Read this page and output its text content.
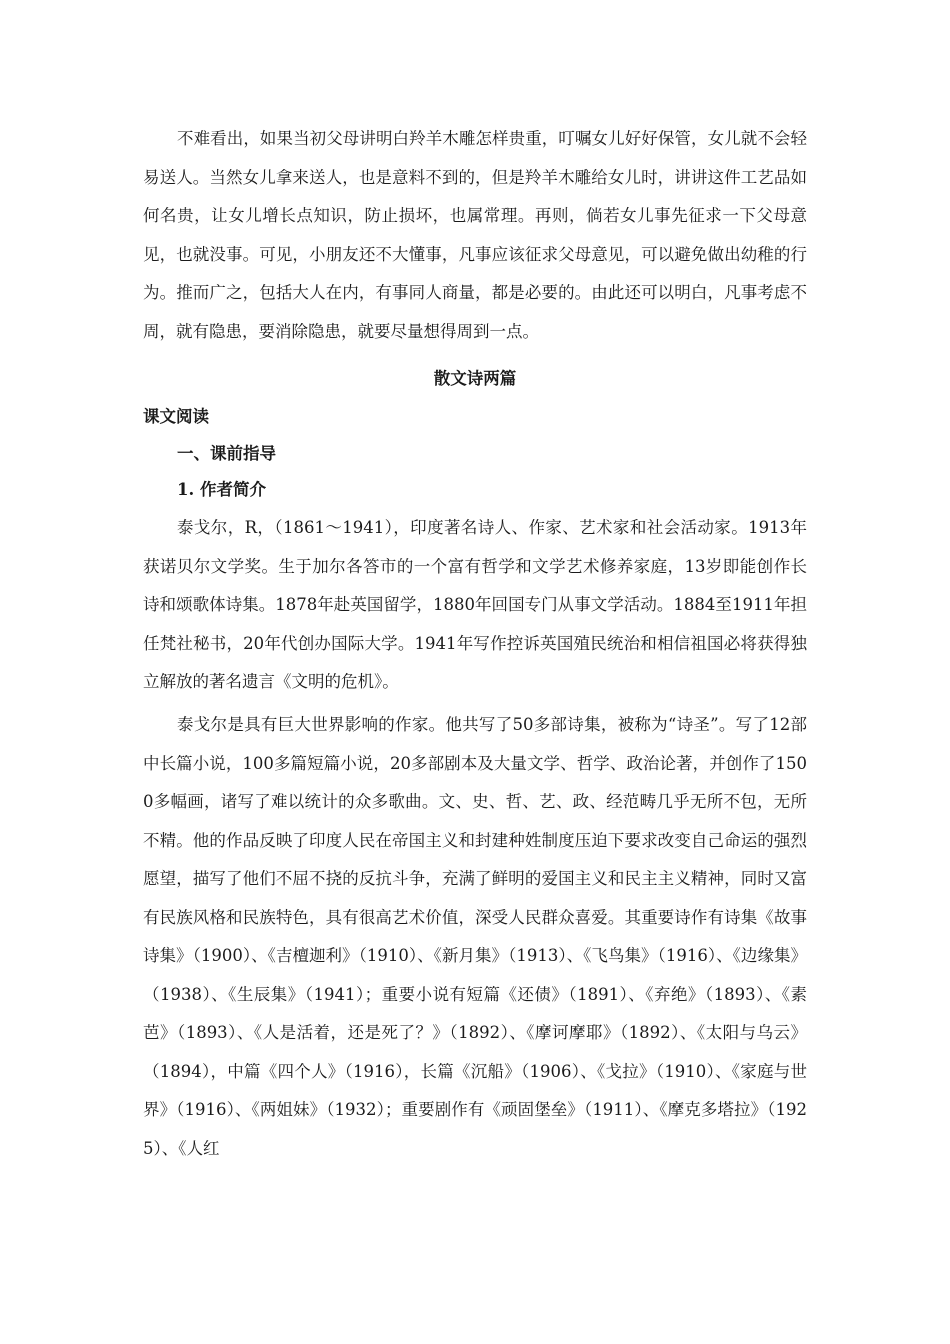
不难看出，如果当初父母讲明白羚羊木雕怎样贵重，叮嘱女儿好好保管，女儿就不会轻易送人。当然女儿拿来送人，也是意料不到的，但是羚羊木雕给女儿时，讲讲这件工艺品如何名贵，让女儿增长点知识，防止损坏，也属常理。再则，倘若女儿事先征求一下父母意见，也就没事。可见，小朋友还不大懂事，凡事应该征求父母意见，可以避免做出幼稚的行为。推而广之，包括大人在内，有事同人商量，都是必要的。由此还可以明白，凡事考虑不周，就有隐患，要消除隐患，就要尽量想得周到一点。

散文诗两篇
课文阅读
一、课前指导
1. 作者简介

泰戈尔，R，（1861～1941），印度著名诗人、作家、艺术家和社会活动家。1913年获诺贝尔文学奖。生于加尔各答市的一个富有哲学和文学艺术修养家庭，13岁即能创作长诗和颂歌体诗集。1878年赴英国留学，1880年回国专门从事文学活动。1884至1911年担任梵社秘书，20年代创办国际大学。1941年写作控诉英国殖民统治和相信祖国必将获得独立解放的著名遗言《文明的危机》。

泰戈尔是具有巨大世界影响的作家。他共写了50多部诗集，被称为“诗圣”。写了12部中长篇小说，100多篇短篇小说，20多部剧本及大量文学、哲学、政治论著，并创作了1500多幅画，诸写了难以统计的众多歌曲。文、史、哲、艺、政、经范畴几乎无所不包，无所不精。他的作品反映了印度人民在帝国主义和封建种姓制度压迫下要求改变自己命运的强烈愿望，描写了他们不屈不挠的反抗斗争，充满了鲜明的爱国主义和民主主义精神，同时又富有民族风格和民族特色，具有很高艺术价值，深受人民群众喜爱。其重要诗作有诗集《故事诗集》（1900）、《吉檀迦利》（1910）、《新月集》（1913）、《飞鸟集》（1916）、《边缘集》（1938）、《生辰集》（1941）；重要小说有短篇《还债》（1891）、《弃绝》（1893）、《素芭》（1893）、《人是活着，还是死了？》（1892）、《摩诃摩耶》（1892）、《太阳与乌云》（1894），中篇《四个人》（1916），长篇《沉船》（1906）、《戈拉》（1910）、《家庭与世界》（1916）、《两姐妹》（1932）；重要剧作有《顽固堡垒》（1911）、《摩克多塔拉》（1925）、《人红
